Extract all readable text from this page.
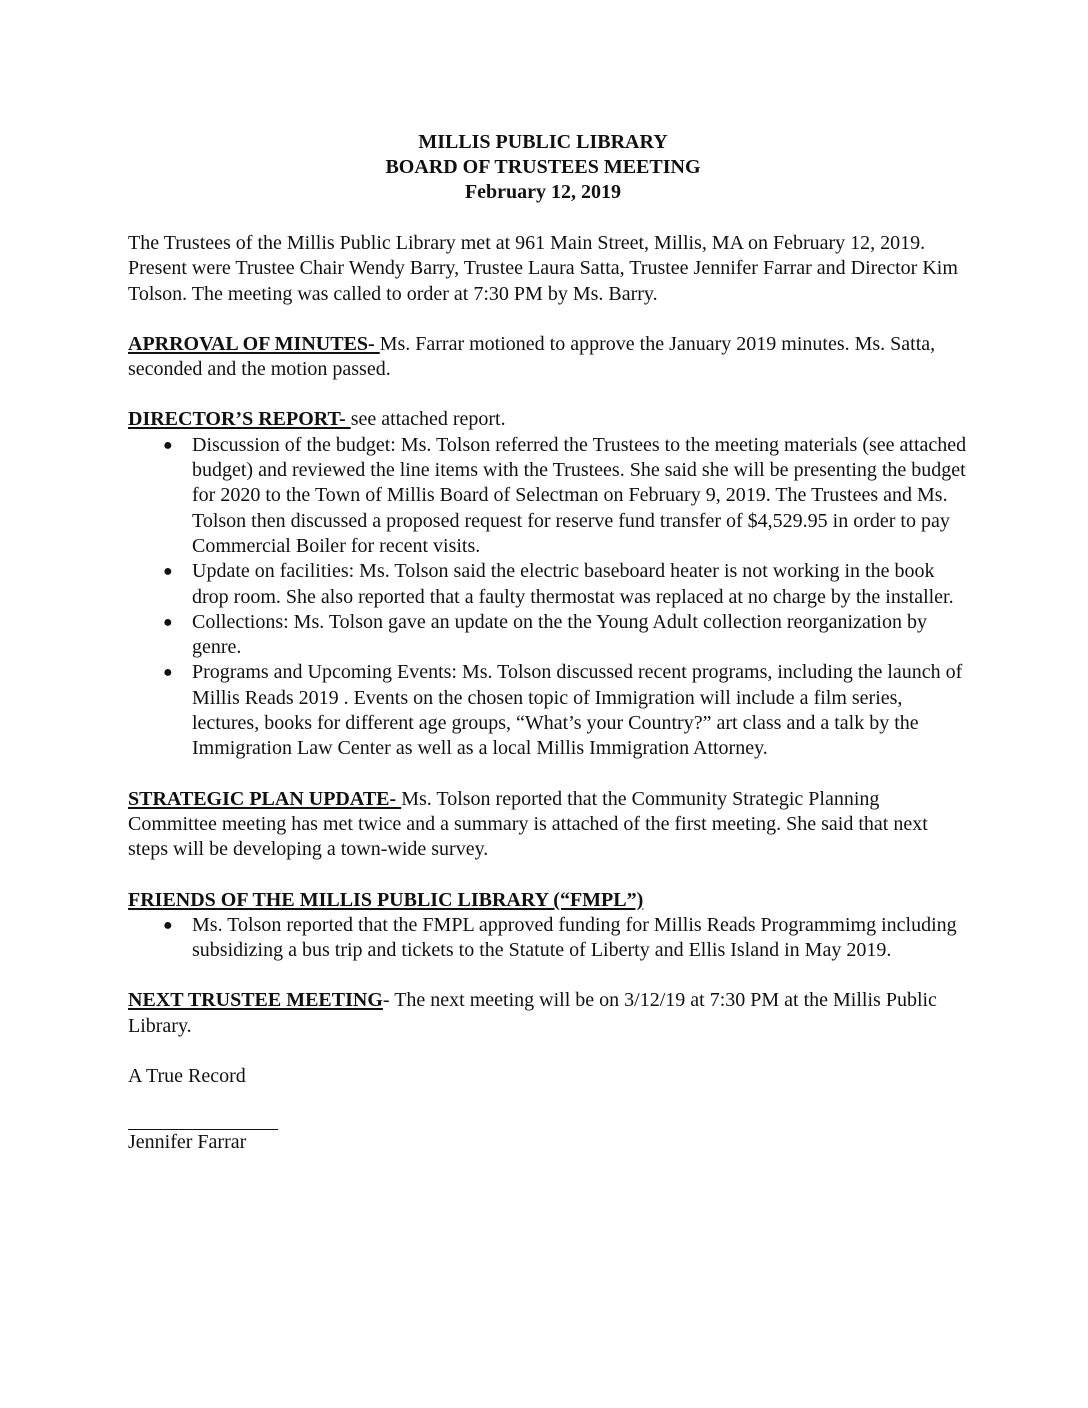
MILLIS PUBLIC LIBRARY
BOARD OF TRUSTEES MEETING
February 12, 2019

The Trustees of the Millis Public Library met at 961 Main Street, Millis, MA on February 12, 2019. Present were Trustee Chair Wendy Barry, Trustee Laura Satta, Trustee Jennifer Farrar and Director Kim Tolson. The meeting was called to order at 7:30 PM by Ms. Barry.

APRROVAL OF MINUTES- Ms. Farrar motioned to approve the January 2019 minutes. Ms. Satta, seconded and the motion passed.

DIRECTOR’S REPORT- see attached report.

● Discussion of the budget: Ms. Tolson referred the Trustees to the meeting materials (see attached budget) and reviewed the line items with the Trustees. She said she will be presenting the budget for 2020 to the Town of Millis Board of Selectman on February 9, 2019. The Trustees and Ms. Tolson then discussed a proposed request for reserve fund transfer of $4,529.95 in order to pay Commercial Boiler for recent visits.
● Update on facilities: Ms. Tolson said the electric baseboard heater is not working in the book drop room. She also reported that a faulty thermostat was replaced at no charge by the installer.
● Collections: Ms. Tolson gave an update on the the Young Adult collection reorganization by genre.
● Programs and Upcoming Events: Ms. Tolson discussed recent programs, including the launch of Millis Reads 2019 . Events on the chosen topic of Immigration will include a film series, lectures, books for different age groups, “What’s your Country?” art class and a talk by the Immigration Law Center as well as a local Millis Immigration Attorney.

STRATEGIC PLAN UPDATE- Ms. Tolson reported that the Community Strategic Planning Committee meeting has met twice and a summary is attached of the first meeting. She said that next steps will be developing a town-wide survey.

FRIENDS OF THE MILLIS PUBLIC LIBRARY (“FMPL”)

● Ms. Tolson reported that the FMPL approved funding for Millis Reads Programmimg including subsidizing a bus trip and tickets to the Statute of Liberty and Ellis Island in May 2019.

NEXT TRUSTEE MEETING- The next meeting will be on 3/12/19 at 7:30 PM at the Millis Public Library.

A True Record

Jennifer Farrar
